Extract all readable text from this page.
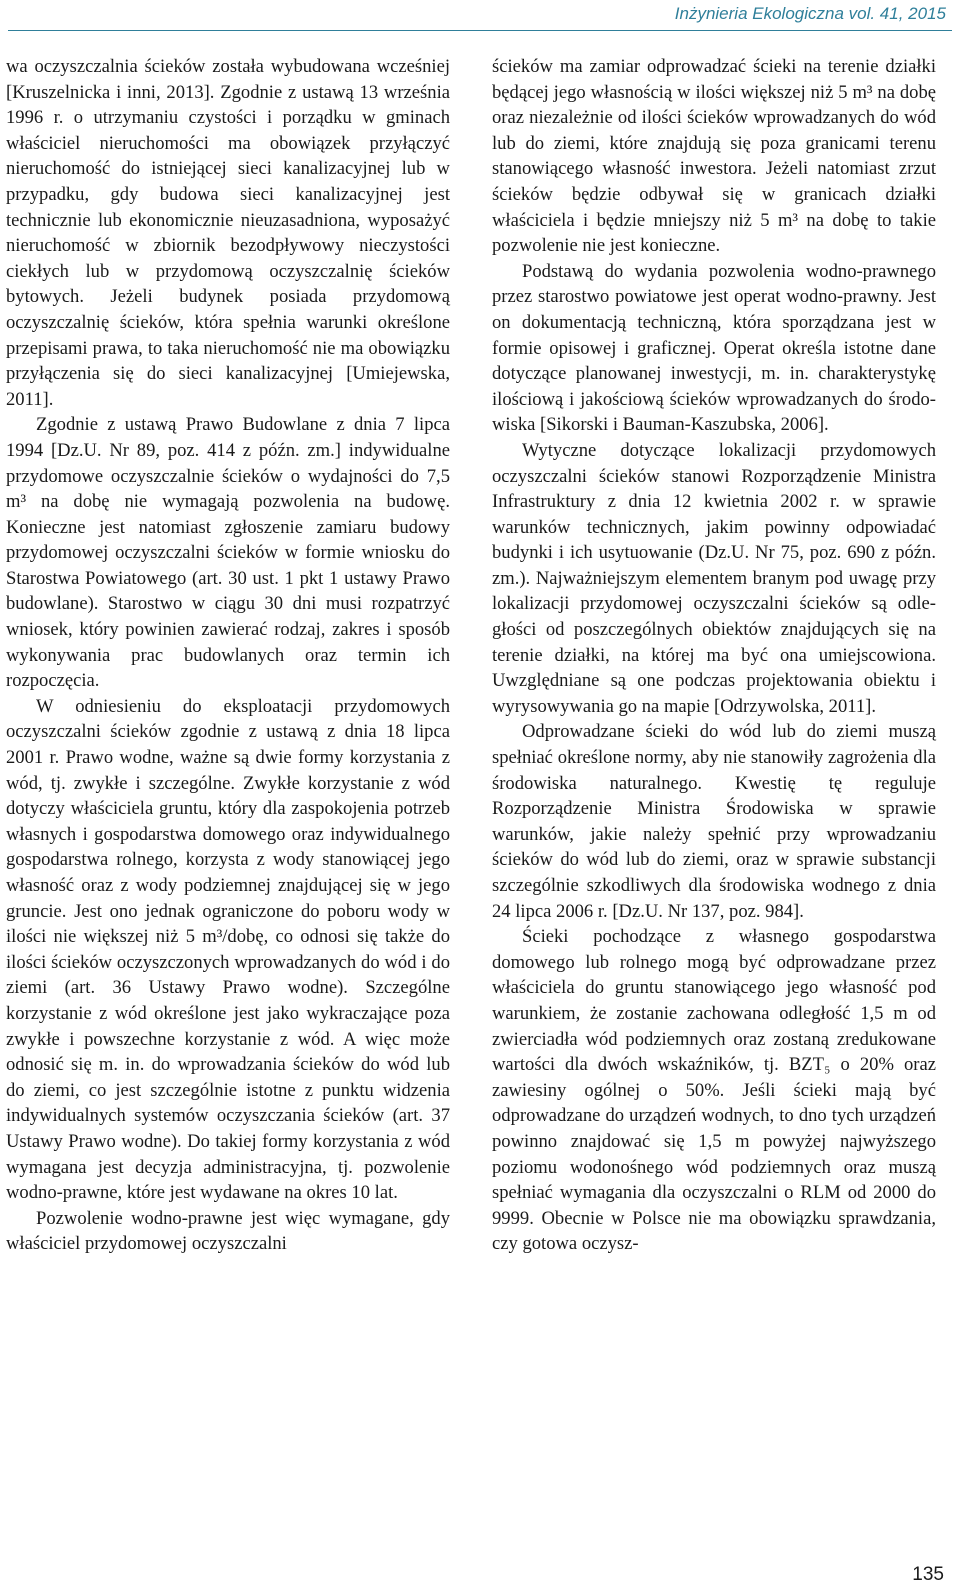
Inżynieria Ekologiczna vol. 41, 2015

wa oczyszczalnia ścieków została wybudowana wcześniej [Kruszelnicka i inni, 2013]. Zgodnie z ustawą 13 września 1996 r. o utrzymaniu czystości i porządku w gminach właściciel nieruchomości ma obowiązek przyłączyć nieruchomość do istniejącej sieci kanalizacyjnej lub w przypadku, gdy budowa sieci kanalizacyjnej jest technicznie lub ekonomicznie nieuzasadniona, wyposażyć nieruchomość w zbiornik bezodpływowy nieczystości ciekłych lub w przydomową oczyszczalnię ścieków bytowych. Jeżeli budynek posiada przydomową oczyszczalnię ścieków, która spełnia warunki określone przepisami prawa, to taka nieruchomość nie ma obowiązku przyłączenia się do sieci kanalizacyjnej [Umiejewska, 2011].

Zgodnie z ustawą Prawo Budowlane z dnia 7 lipca 1994 [Dz.U. Nr 89, poz. 414 z późn. zm.] indywidualne przydomowe oczyszczalnie ścieków o wydajności do 7,5 m³ na dobę nie wymagają pozwolenia na budowę. Konieczne jest natomiast zgłoszenie zamiaru budowy przydomowej oczyszczalni ścieków w formie wniosku do Starostwa Powiatowego (art. 30 ust. 1 pkt 1 ustawy Prawo budowlane). Starostwo w ciągu 30 dni musi rozpatrzyć wniosek, który powinien zawierać rodzaj, zakres i sposób wykonywania prac budowlanych oraz termin ich rozpoczęcia.

W odniesieniu do eksploatacji przydomowych oczyszczalni ścieków zgodnie z ustawą z dnia 18 lipca 2001 r. Prawo wodne, ważne są dwie formy korzystania z wód, tj. zwykłe i szczególne. Zwykłe korzystanie z wód dotyczy właściciela gruntu, który dla zaspokojenia potrzeb własnych i gospodarstwa domowego oraz indywidualnego gospodarstwa rolnego, korzysta z wody stanowiącej jego własność oraz z wody podziemnej znajdującej się w jego gruncie. Jest ono jednak ograniczone do poboru wody w ilości nie większej niż 5 m³/dobę, co odnosi się także do ilości ścieków oczyszczonych wprowadzanych do wód i do ziemi (art. 36 Ustawy Prawo wodne). Szczególne korzystanie z wód określone jest jako wykraczające poza zwykłe i powszechne korzystanie z wód. A więc może odnosić się m. in. do wprowadzania ścieków do wód lub do ziemi, co jest szczególnie istotne z punktu widzenia indywidualnych systemów oczyszczania ścieków (art. 37 Ustawy Prawo wodne). Do takiej formy korzystania z wód wymagana jest decyzja administracyjna, tj. pozwolenie wodno-prawne, które jest wydawane na okres 10 lat.

Pozwolenie wodno-prawne jest więc wymagane, gdy właściciel przydomowej oczyszczalni

ścieków ma zamiar odprowadzać ścieki na terenie działki będącej jego własnością w ilości większej niż 5 m³ na dobę oraz niezależnie od ilości ścieków wprowadzanych do wód lub do ziemi, które znajdują się poza granicami terenu stanowiącego własność inwestora. Jeżeli natomiast zrzut ścieków będzie odbywał się w granicach działki właściciela i będzie mniejszy niż 5 m³ na dobę to takie pozwolenie nie jest konieczne.

Podstawą do wydania pozwolenia wodno-prawnego przez starostwo powiatowe jest operat wodno-prawny. Jest on dokumentacją techniczną, która sporządzana jest w formie opisowej i graficznej. Operat określa istotne dane dotyczące planowanej inwestycji, m. in. charakterystykę ilościową i jakościową ścieków wprowadzanych do środowiska [Sikorski i Bauman-Kaszubska, 2006].

Wytyczne dotyczące lokalizacji przydomowych oczyszczalni ścieków stanowi Rozporządzenie Ministra Infrastruktury z dnia 12 kwietnia 2002 r. w sprawie warunków technicznych, jakim powinny odpowiadać budynki i ich usytuowanie (Dz.U. Nr 75, poz. 690 z późn. zm.). Najważniejszym elementem branym pod uwagę przy lokalizacji przydomowej oczyszczalni ścieków są odległości od poszczególnych obiektów znajdujących się na terenie działki, na której ma być ona umiejscowiona. Uwzględniane są one podczas projektowania obiektu i wyrysowywania go na mapie [Odrzywolska, 2011].

Odprowadzane ścieki do wód lub do ziemi muszą spełniać określone normy, aby nie stanowiły zagrożenia dla środowiska naturalnego. Kwestię tę reguluje Rozporządzenie Ministra Środowiska w sprawie warunków, jakie należy spełnić przy wprowadzaniu ścieków do wód lub do ziemi, oraz w sprawie substancji szczególnie szkodliwych dla środowiska wodnego z dnia 24 lipca 2006 r. [Dz.U. Nr 137, poz. 984].

Ścieki pochodzące z własnego gospodarstwa domowego lub rolnego mogą być odprowadzane przez właściciela do gruntu stanowiącego jego własność pod warunkiem, że zostanie zachowana odległość 1,5 m od zwierciadła wód podziemnych oraz zostaną zredukowane wartości dla dwóch wskaźników, tj. BZT₅ o 20% oraz zawiesiny ogólnej o 50%. Jeśli ścieki mają być odprowadzane do urządzeń wodnych, to dno tych urządzeń powinno znajdować się 1,5 m powyżej najwyższego poziomu wodonośnego wód podziemnych oraz muszą spełniać wymagania dla oczyszczalni o RLM od 2000 do 9999. Obecnie w Polsce nie ma obowiązku sprawdzania, czy gotowa oczysz-

135
